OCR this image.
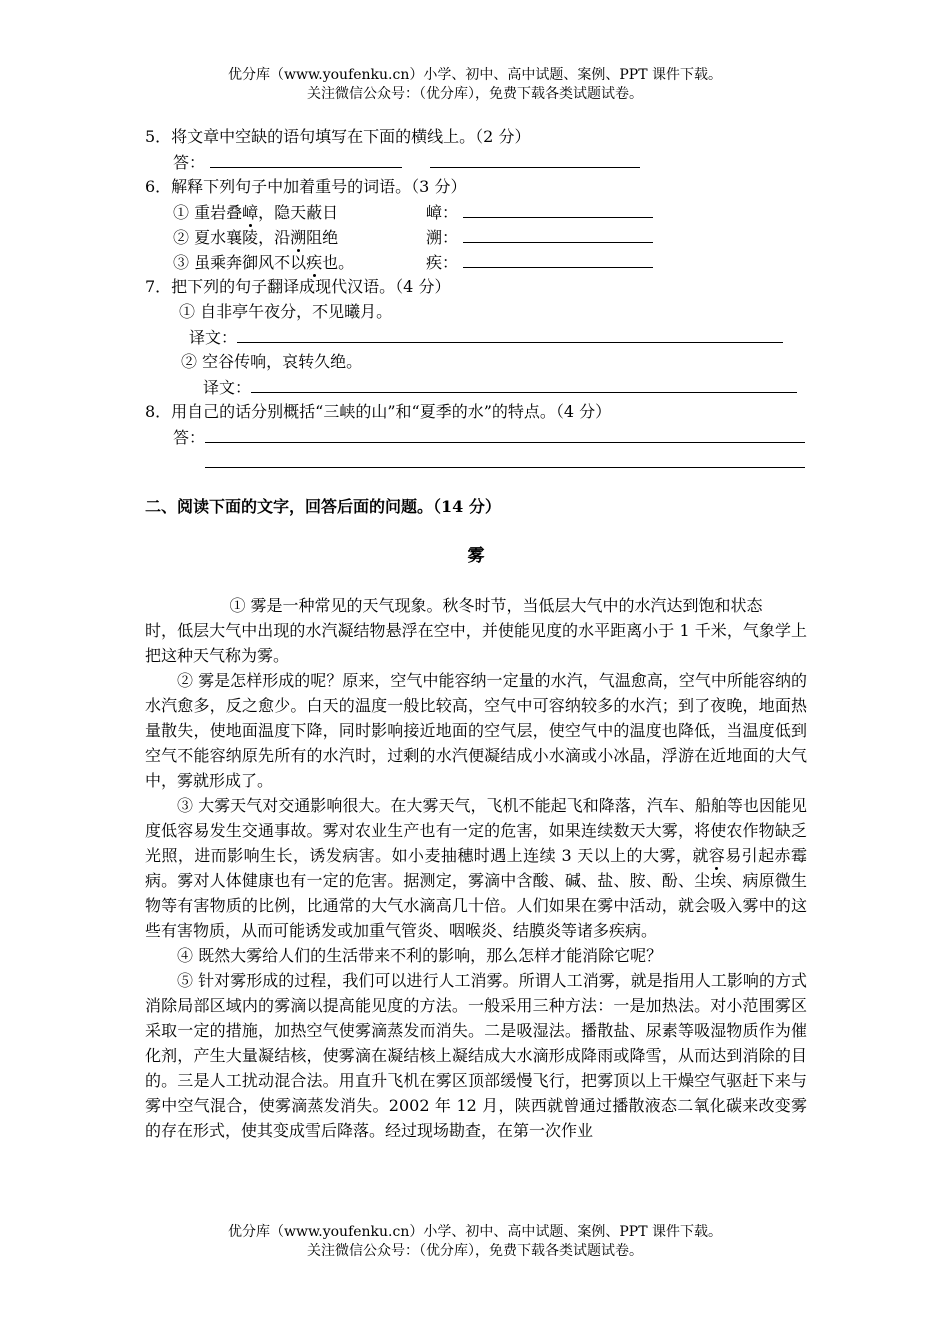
优分库（www.youfenku.cn）小学、初中、高中试题、案例、PPT 课件下载。
关注微信公众号：（优分库），免费下载各类试题试卷。
5．将文章中空缺的语句填写在下面的横线上。（2 分）
答：
6．解释下列句子中加着重号的词语。（3 分）
① 重岩叠嶂，隐天蔽日	嶂：
② 夏水襄陵，沿溯阻绝	溯：
③ 虽乘奔御风不以疾也。	疾：
7．把下列的句子翻译成现代汉语。（4 分）
① 自非亭午夜分，不见曦月。
译文：
② 空谷传响，哀转久绝。
译文：
8．用自己的话分别概括“三峡的山”和“夏季的水”的特点。（4 分）
答：
二、阅读下面的文字，回答后面的问题。（14 分）
雾
① 雾是一种常见的天气现象。秋冬时节，当低层大气中的水汽达到饱和状态
时，低层大气中出现的水汽凝结物悬浮在空中，并使能见度的水平距离小于 1 千米，气象学上把这种天气称为雾。
② 雾是怎样形成的呢？原来，空气中能容纳一定量的水汽，气温愈高，空气中所能容纳的水汽愈多，反之愈少。白天的温度一般比较高，空气中可容纳较多的水汽；到了夜晚，地面热量散失，使地面温度下降，同时影响接近地面的空气层，使空气中的温度也降低，当温度低到空气不能容纳原先所有的水汽时，过剩的水汽便凝结成小水滴或小冰晶，浮游在近地面的大气中，雾就形成了。
③ 大雾天气对交通影响很大。在大雾天气，飞机不能起飞和降落，汽车、船舶等也因能见度低容易发生交通事故。雾对农业生产也有一定的危害，如果连续数天大雾，将使农作物缺乏光照，进而影响生长，诱发病害。如小麦抽穗时遇上连续 3 天以上的大雾，就容易引起赤霉病。雾对人体健康也有一定的危害。据测定，雾滴中含酸、碱、盐、胺、酚、尘埃、病原微生物等有害物质的比例，比通常的大气水滴高几十倍。人们如果在雾中活动，就会吸入雾中的这些有害物质，从而可能诱发或加重气管炎、咽喉炎、结膜炎等诸多疾病。
④ 既然大雾给人们的生活带来不利的影响，那么怎样才能消除它呢？
⑤ 针对雾形成的过程，我们可以进行人工消雾。所谓人工消雾，就是指用人工影响的方式消除局部区域内的雾滴以提高能见度的方法。一般采用三种方法：一是加热法。对小范围雾区采取一定的措施，加热空气使雾滴蒸发而消失。二是吸湿法。播散盐、尿素等吸湿物质作为催化剂，产生大量凝结核，使雾滴在凝结核上凝结成大水滴形成降雨或降雪，从而达到消除的目的。三是人工扰动混合法。用直升飞机在雾区顶部缓慢飞行，把雾顶以上干燥空气驱赶下来与雾中空气混合，使雾滴蒸发消失。2002 年 12 月，陕西就曾通过播散液态二氧化碳来改变雾的存在形式，使其变成雪后降落。经过现场勘查，在第一次作业
优分库（www.youfenku.cn）小学、初中、高中试题、案例、PPT 课件下载。
关注微信公众号：（优分库），免费下载各类试题试卷。
